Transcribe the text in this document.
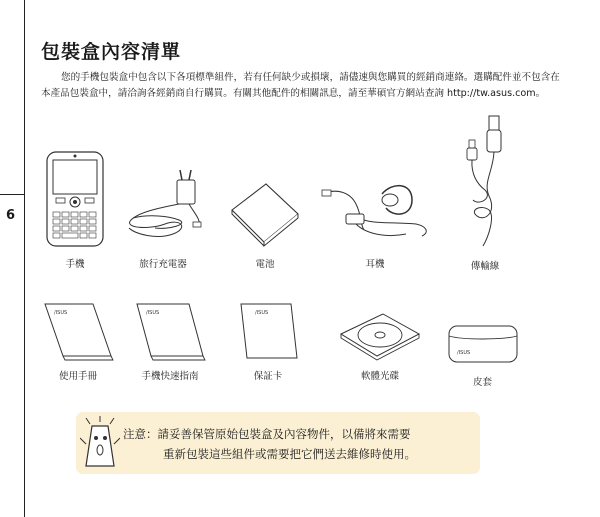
6
包裝盒內容清單
您的手機包裝盒中包含以下各項標準組件，若有任何缺少或損壞，請儘速與您購買的經銷商連絡。選購配件並不包含在本產品包裝盒中，請洽詢各經銷商自行購買。有關其他配件的相關訊息，請至華碩官方網站查詢 http://tw.asus.com。
手機	旅行充電器	電池	耳機	傳輸線
/ISUS
使用手冊
/ISUS
手機快速指南
/ISUS
保証卡	軟體光碟
/ISUS
皮套
注意：請妥善保管原始包裝盒及內容物件，以備將來需要
重新包裝這些組件或需要把它們送去維修時使用。
